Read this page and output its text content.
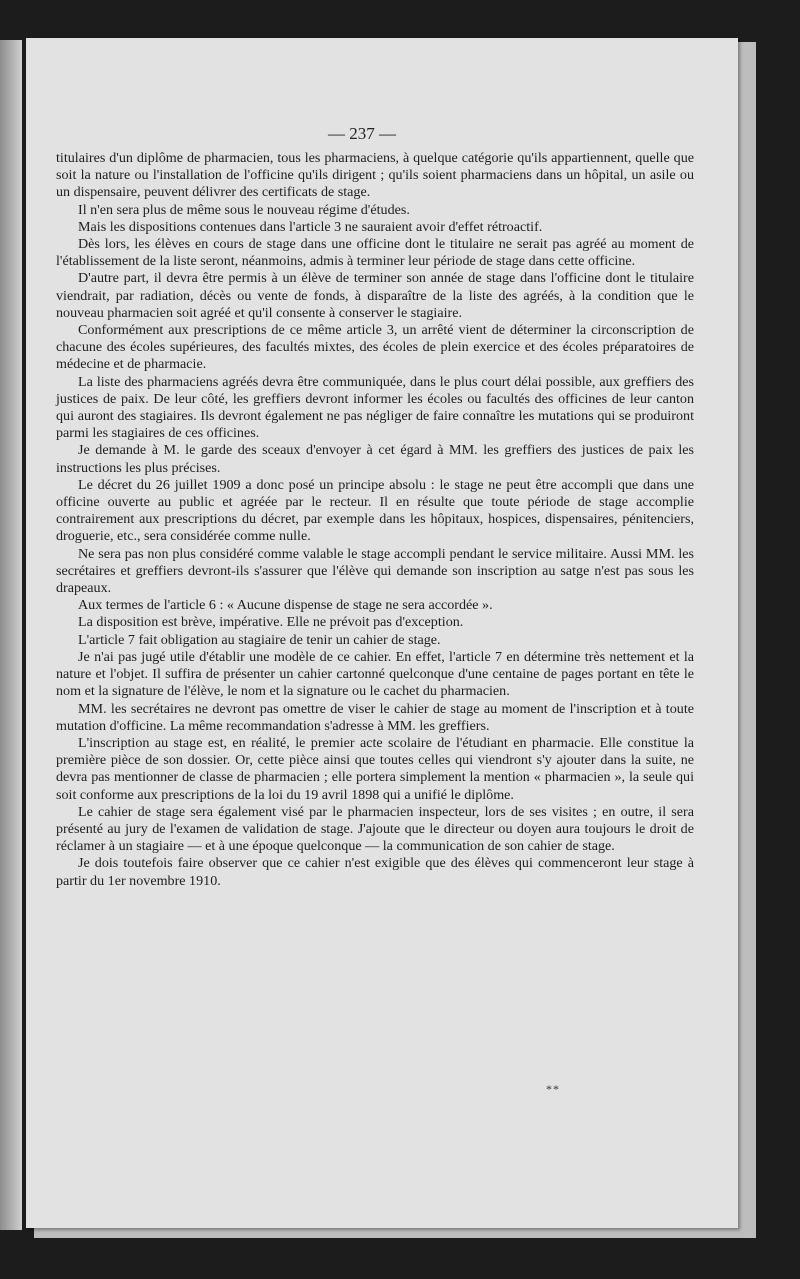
— 237 —

titulaires d'un diplôme de pharmacien, tous les pharmaciens, à quelque catégorie qu'ils appartiennent, quelle que soit la nature ou l'installation de l'officine qu'ils dirigent ; qu'ils soient pharmaciens dans un hôpital, un asile ou un dispensaire, peuvent délivrer des certificats de stage.

Il n'en sera plus de même sous le nouveau régime d'études.

Mais les dispositions contenues dans l'article 3 ne sauraient avoir d'effet rétroactif.

Dès lors, les élèves en cours de stage dans une officine dont le titulaire ne serait pas agréé au moment de l'établissement de la liste seront, néanmoins, admis à terminer leur période de stage dans cette officine.

D'autre part, il devra être permis à un élève de terminer son année de stage dans l'officine dont le titulaire viendrait, par radiation, décès ou vente de fonds, à disparaître de la liste des agréés, à la condition que le nouveau pharmacien soit agréé et qu'il consente à conserver le stagiaire.

Conformément aux prescriptions de ce même article 3, un arrêté vient de déterminer la circonscription de chacune des écoles supérieures, des facultés mixtes, des écoles de plein exercice et des écoles préparatoires de médecine et de pharmacie.

La liste des pharmaciens agréés devra être communiquée, dans le plus court délai possible, aux greffiers des justices de paix. De leur côté, les greffiers devront informer les écoles ou facultés des officines de leur canton qui auront des stagiaires. Ils devront également ne pas négliger de faire connaître les mutations qui se produiront parmi les stagiaires de ces officines.

Je demande à M. le garde des sceaux d'envoyer à cet égard à MM. les greffiers des justices de paix les instructions les plus précises.

Le décret du 26 juillet 1909 a donc posé un principe absolu : le stage ne peut être accompli que dans une officine ouverte au public et agréée par le recteur. Il en résulte que toute période de stage accomplie contrairement aux prescriptions du décret, par exemple dans les hôpitaux, hospices, dispensaires, pénitenciers, droguerie, etc., sera considérée comme nulle.

Ne sera pas non plus considéré comme valable le stage accompli pendant le service militaire. Aussi MM. les secrétaires et greffiers devront-ils s'assurer que l'élève qui demande son inscription au satge n'est pas sous les drapeaux.

Aux termes de l'article 6 : « Aucune dispense de stage ne sera accordée ».

La disposition est brève, impérative. Elle ne prévoit pas d'exception.

L'article 7 fait obligation au stagiaire de tenir un cahier de stage.

Je n'ai pas jugé utile d'établir une modèle de ce cahier. En effet, l'article 7 en détermine très nettement et la nature et l'objet. Il suffira de présenter un cahier cartonné quelconque d'une centaine de pages portant en tête le nom et la signature de l'élève, le nom et la signature ou le cachet du pharmacien.

MM. les secrétaires ne devront pas omettre de viser le cahier de stage au moment de l'inscription et à toute mutation d'officine. La même recommandation s'adresse à MM. les greffiers.

L'inscription au stage est, en réalité, le premier acte scolaire de l'étudiant en pharmacie. Elle constitue la première pièce de son dossier. Or, cette pièce ainsi que toutes celles qui viendront s'y ajouter dans la suite, ne devra pas mentionner de classe de pharmacien ; elle portera simplement la mention « pharmacien », la seule qui soit conforme aux prescriptions de la loi du 19 avril 1898 qui a unifié le diplôme.

Le cahier de stage sera également visé par le pharmacien inspecteur, lors de ses visites ; en outre, il sera présenté au jury de l'examen de validation de stage. J'ajoute que le directeur ou doyen aura toujours le droit de réclamer à un stagiaire — et à une époque quelconque — la communication de son cahier de stage.

Je dois toutefois faire observer que ce cahier n'est exigible que des élèves qui commenceront leur stage à partir du 1er novembre 1910.

**
